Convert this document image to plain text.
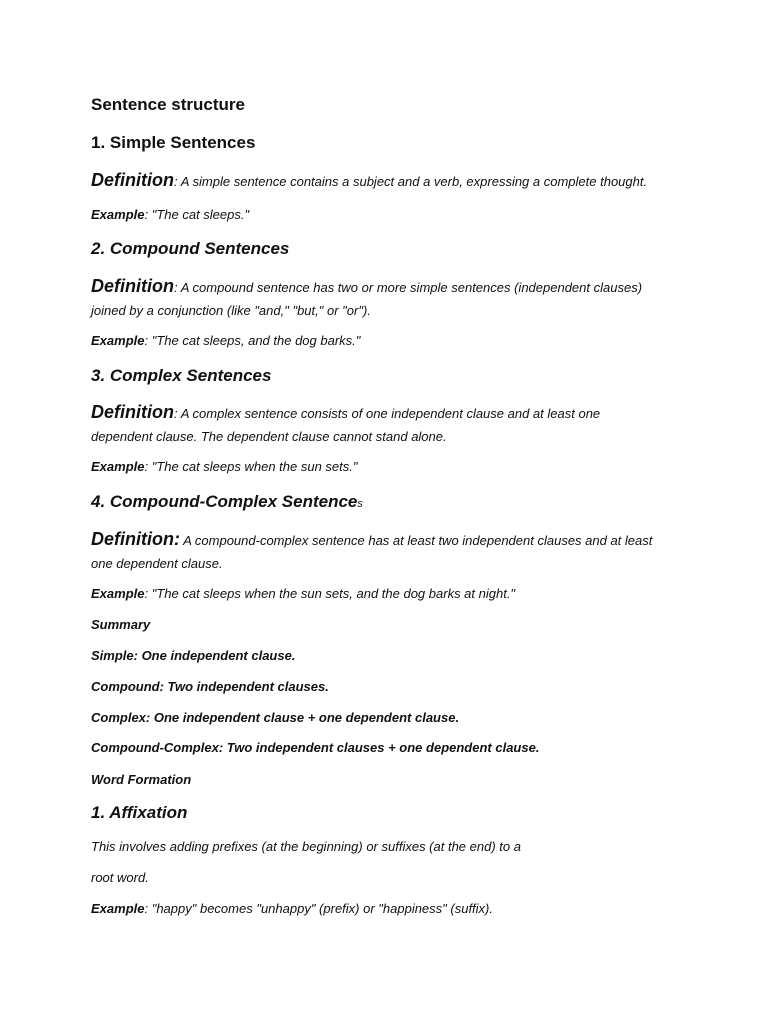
Sentence structure
1. Simple Sentences
Definition: A simple sentence contains a subject and a verb, expressing a complete thought.
Example: "The cat sleeps."
2. Compound Sentences
Definition: A compound sentence has two or more simple sentences (independent clauses)
joined by a conjunction (like "and," "but," or "or").
Example: "The cat sleeps, and the dog barks."
3. Complex Sentences
Definition: A complex sentence consists of one independent clause and at least one
dependent clause. The dependent clause cannot stand alone.
Example: "The cat sleeps when the sun sets."
4. Compound-Complex Sentences
Definition: A compound-complex sentence has at least two independent clauses and at least
one dependent clause.
Example: "The cat sleeps when the sun sets, and the dog barks at night."
Summary
Simple: One independent clause.
Compound: Two independent clauses.
Complex: One independent clause + one dependent clause.
Compound-Complex: Two independent clauses + one dependent clause.
Word Formation
1. Affixation
This involves adding prefixes (at the beginning) or suffixes (at the end) to a
root word.
Example: "happy" becomes "unhappy" (prefix) or "happiness" (suffix).
